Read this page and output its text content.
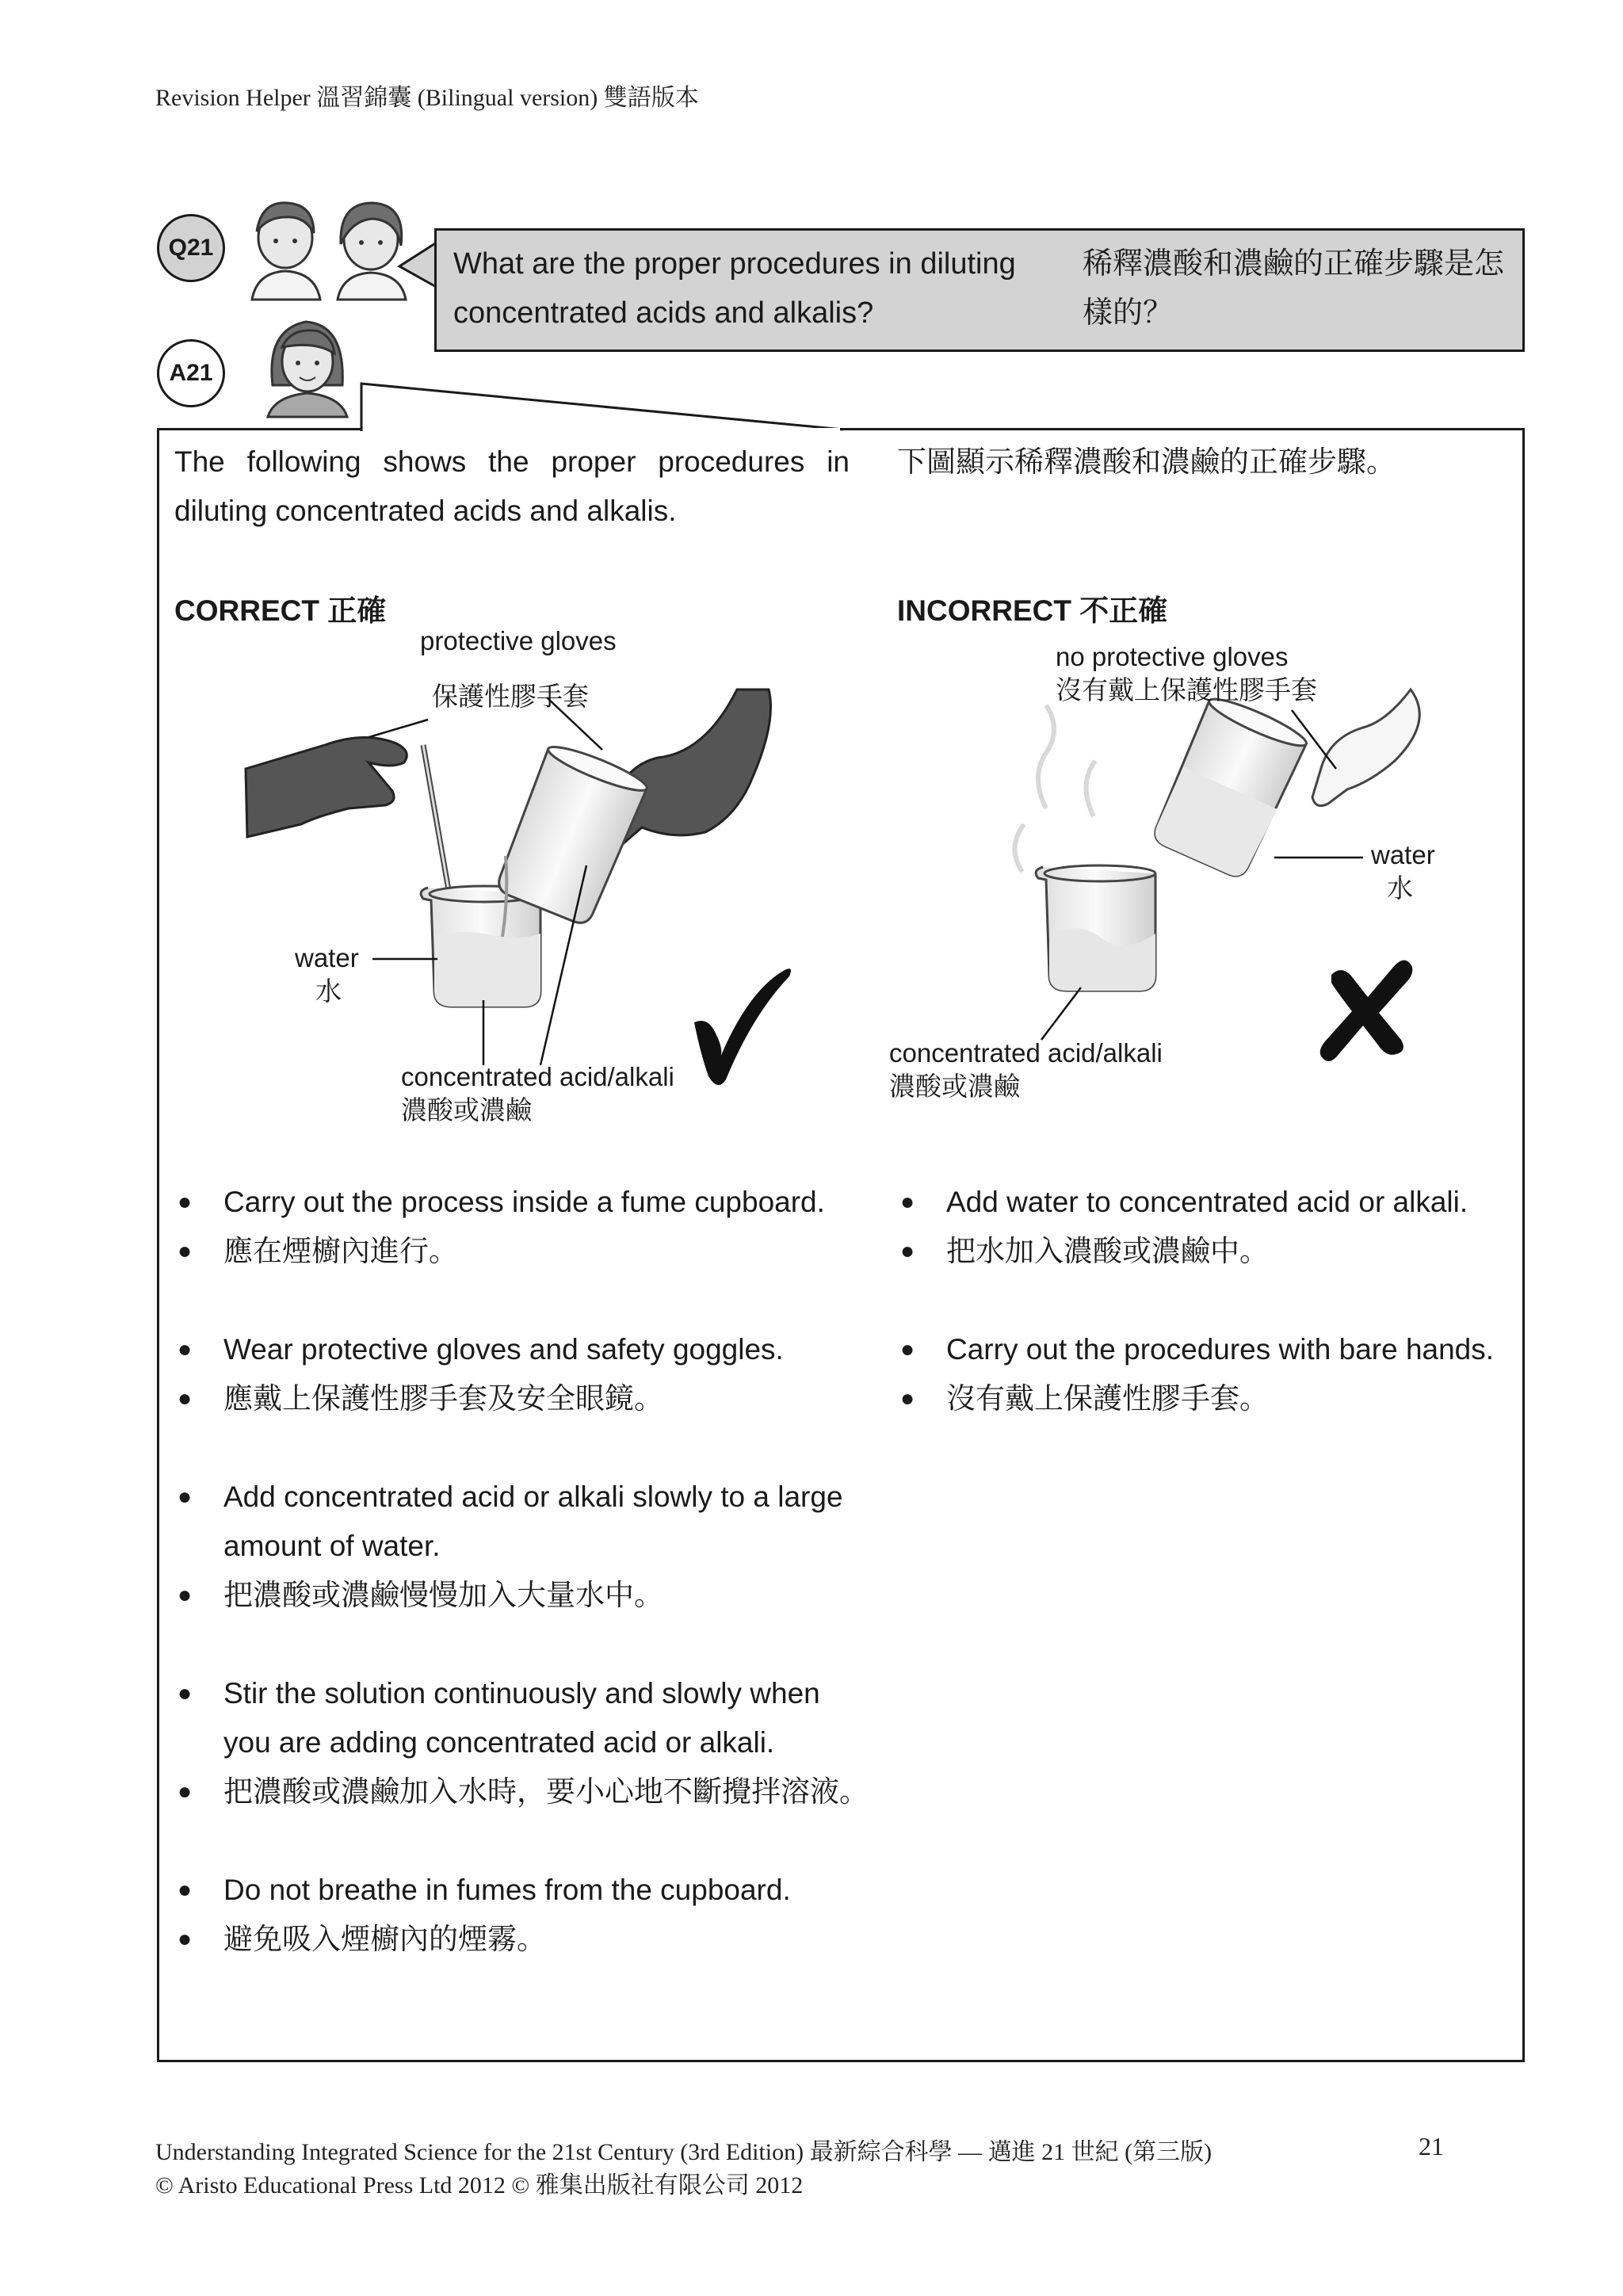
Revision Helper 溫習錦囊 (Bilingual version) 雙語版本
Q21	What are the proper procedures in diluting concentrated acids and alkalis?
稀釋濃酸和濃鹼的正確步驟是怎樣的？
A21
The following shows the proper procedures in diluting concentrated acids and alkalis.
下圖顯示稀釋濃酸和濃鹼的正確步驟。
CORRECT 正確	INCORRECT 不正確
protective gloves
保護性膠手套
water
水
concentrated acid/alkali
濃酸或濃鹼
no protective gloves
沒有戴上保護性膠手套
water
水
concentrated acid/alkali
濃酸或濃鹼
● Carry out the process inside a fume cupboard.
● 應在煙櫥內進行。
● Wear protective gloves and safety goggles.
● 應戴上保護性膠手套及安全眼鏡。
● Add concentrated acid or alkali slowly to a large amount of water.
● 把濃酸或濃鹼慢慢加入大量水中。
● Stir the solution continuously and slowly when you are adding concentrated acid or alkali.
● 把濃酸或濃鹼加入水時，要小心地不斷攪拌溶液。
● Do not breathe in fumes from the cupboard.
● 避免吸入煙櫥內的煙霧。
● Add water to concentrated acid or alkali.
● 把水加入濃酸或濃鹼中。
● Carry out the procedures with bare hands.
● 沒有戴上保護性膠手套。
Understanding Integrated Science for the 21st Century (3rd Edition) 最新綜合科學 — 邁進 21 世紀 (第三版)	21
© Aristo Educational Press Ltd 2012 © 雅集出版社有限公司 2012
